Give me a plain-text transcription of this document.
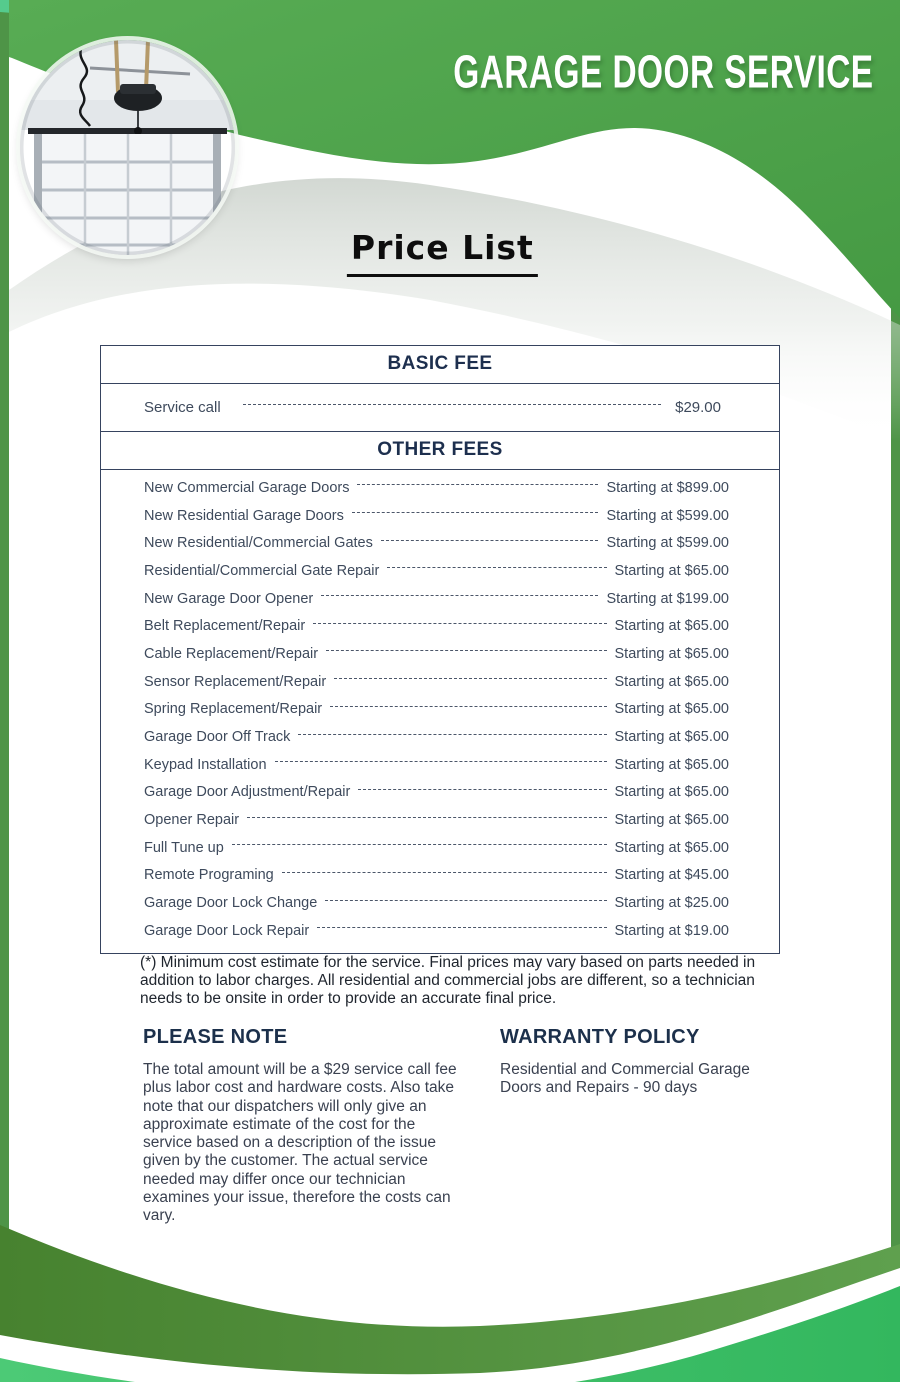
GARAGE DOOR SERVICE
Price List
BASIC FEE
Service call	$29.00
OTHER FEES
New Commercial Garage Doors	Starting at $899.00
New Residential Garage Doors	Starting at $599.00
New Residential/Commercial Gates	Starting at $599.00
Residential/Commercial Gate Repair	Starting at $65.00
New Garage Door Opener	Starting at $199.00
Belt Replacement/Repair	Starting at $65.00
Cable Replacement/Repair	Starting at $65.00
Sensor Replacement/Repair	Starting at $65.00
Spring Replacement/Repair	Starting at $65.00
Garage Door Off Track	Starting at $65.00
Keypad Installation	Starting at $65.00
Garage Door Adjustment/Repair	Starting at $65.00
Opener Repair	Starting at $65.00
Full Tune up	Starting at $65.00
Remote Programing	Starting at $45.00
Garage Door Lock Change	Starting at $25.00
Garage Door Lock Repair	Starting at $19.00
(*) Minimum cost estimate for the service. Final prices may vary based on parts needed in addition to labor charges. All residential and commercial jobs are different, so a technician needs to be onsite in order to provide an accurate final price.
PLEASE NOTE

The total amount will be a $29 service call fee plus labor cost and hardware costs. Also take note that our dispatchers will only give an approximate estimate of the cost for the service based on a description of the issue given by the customer. The actual service needed may differ once our technician examines your issue, therefore the costs can vary.

WARRANTY POLICY

Residential and Commercial Garage Doors and Repairs - 90 days
